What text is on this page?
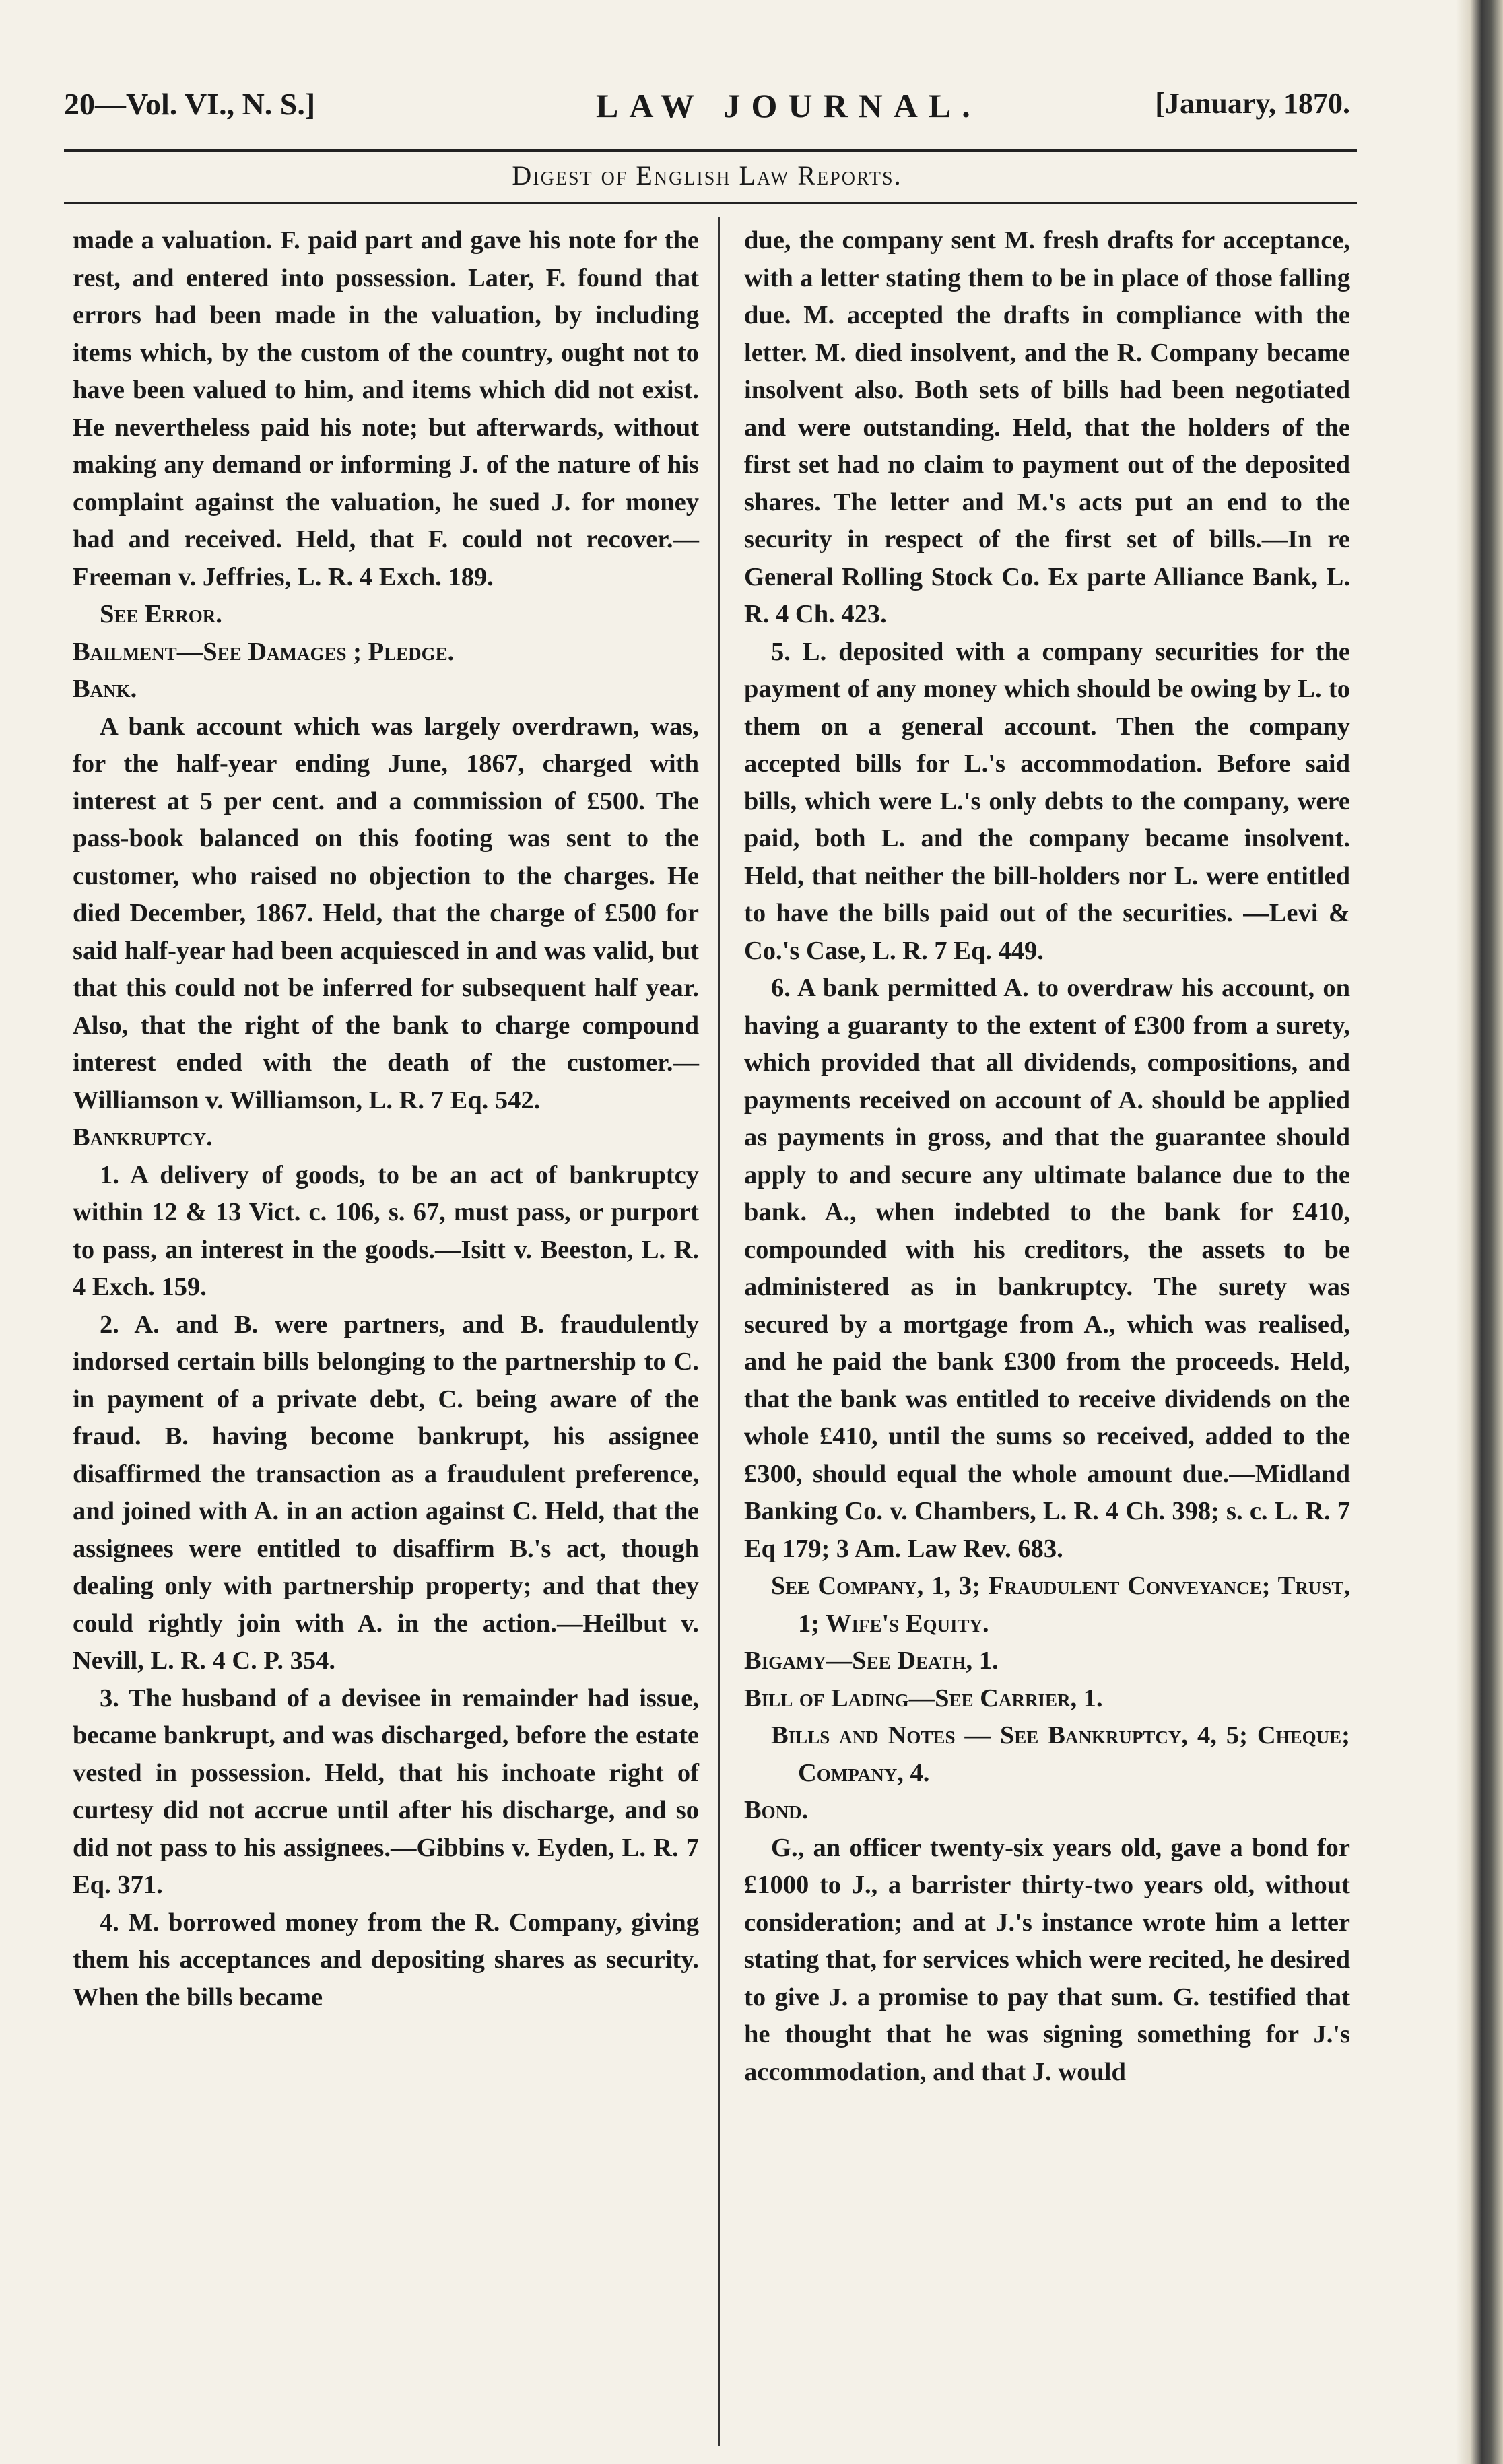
20—Vol. VI., N. S.]	LAW JOURNAL.	[January, 1870.
Digest of English Law Reports.

made a valuation. F. paid part and gave his note for the rest, and entered into possession. Later, F. found that errors had been made in the valuation, by including items which, by the custom of the country, ought not to have been valued to him, and items which did not exist. He nevertheless paid his note; but afterwards, without making any demand or informing J. of the nature of his complaint against the valuation, he sued J. for money had and received. Held, that F. could not recover.—Freeman v. Jeffries, L. R. 4 Exch. 189.

See Error.

Bailment—See Damages ; Pledge.

Bank.

A bank account which was largely overdrawn, was, for the half-year ending June, 1867, charged with interest at 5 per cent. and a commission of £500. The pass-book balanced on this footing was sent to the customer, who raised no objection to the charges. He died December, 1867. Held, that the charge of £500 for said half-year had been acquiesced in and was valid, but that this could not be inferred for subsequent half year. Also, that the right of the bank to charge compound interest ended with the death of the customer.— Williamson v. Williamson, L. R. 7 Eq. 542.

Bankruptcy.

1. A delivery of goods, to be an act of bankruptcy within 12 & 13 Vict. c. 106, s. 67, must pass, or purport to pass, an interest in the goods.—Isitt v. Beeston, L. R. 4 Exch. 159.

2. A. and B. were partners, and B. fraudulently indorsed certain bills belonging to the partnership to C. in payment of a private debt, C. being aware of the fraud. B. having become bankrupt, his assignee disaffirmed the transaction as a fraudulent preference, and joined with A. in an action against C. Held, that the assignees were entitled to disaffirm B.'s act, though dealing only with partnership property; and that they could rightly join with A. in the action.—Heilbut v. Nevill, L. R. 4 C. P. 354.

3. The husband of a devisee in remainder had issue, became bankrupt, and was discharged, before the estate vested in possession. Held, that his inchoate right of curtesy did not accrue until after his discharge, and so did not pass to his assignees.—Gibbins v. Eyden, L. R. 7 Eq. 371.

4. M. borrowed money from the R. Company, giving them his acceptances and depositing shares as security. When the bills became

due, the company sent M. fresh drafts for acceptance, with a letter stating them to be in place of those falling due. M. accepted the drafts in compliance with the letter. M. died insolvent, and the R. Company became insolvent also. Both sets of bills had been negotiated and were outstanding. Held, that the holders of the first set had no claim to payment out of the deposited shares. The letter and M.'s acts put an end to the security in respect of the first set of bills.—In re General Rolling Stock Co. Ex parte Alliance Bank, L. R. 4 Ch. 423.

5. L. deposited with a company securities for the payment of any money which should be owing by L. to them on a general account. Then the company accepted bills for L.'s accommodation. Before said bills, which were L.'s only debts to the company, were paid, both L. and the company became insolvent. Held, that neither the bill-holders nor L. were entitled to have the bills paid out of the securities. —Levi & Co.'s Case, L. R. 7 Eq. 449.

6. A bank permitted A. to overdraw his account, on having a guaranty to the extent of £300 from a surety, which provided that all dividends, compositions, and payments received on account of A. should be applied as payments in gross, and that the guarantee should apply to and secure any ultimate balance due to the bank. A., when indebted to the bank for £410, compounded with his creditors, the assets to be administered as in bankruptcy. The surety was secured by a mortgage from A., which was realised, and he paid the bank £300 from the proceeds. Held, that the bank was entitled to receive dividends on the whole £410, until the sums so received, added to the £300, should equal the whole amount due.—Midland Banking Co. v. Chambers, L. R. 4 Ch. 398; s. c. L. R. 7 Eq 179; 3 Am. Law Rev. 683.

See Company, 1, 3; Fraudulent Conveyance; Trust, 1; Wife's Equity.

Bigamy—See Death, 1.

Bill of Lading—See Carrier, 1.

Bills and Notes — See Bankruptcy, 4, 5; Cheque; Company, 4.

Bond.

G., an officer twenty-six years old, gave a bond for £1000 to J., a barrister thirty-two years old, without consideration; and at J.'s instance wrote him a letter stating that, for services which were recited, he desired to give J. a promise to pay that sum. G. testified that he thought that he was signing something for J.'s accommodation, and that J. would
